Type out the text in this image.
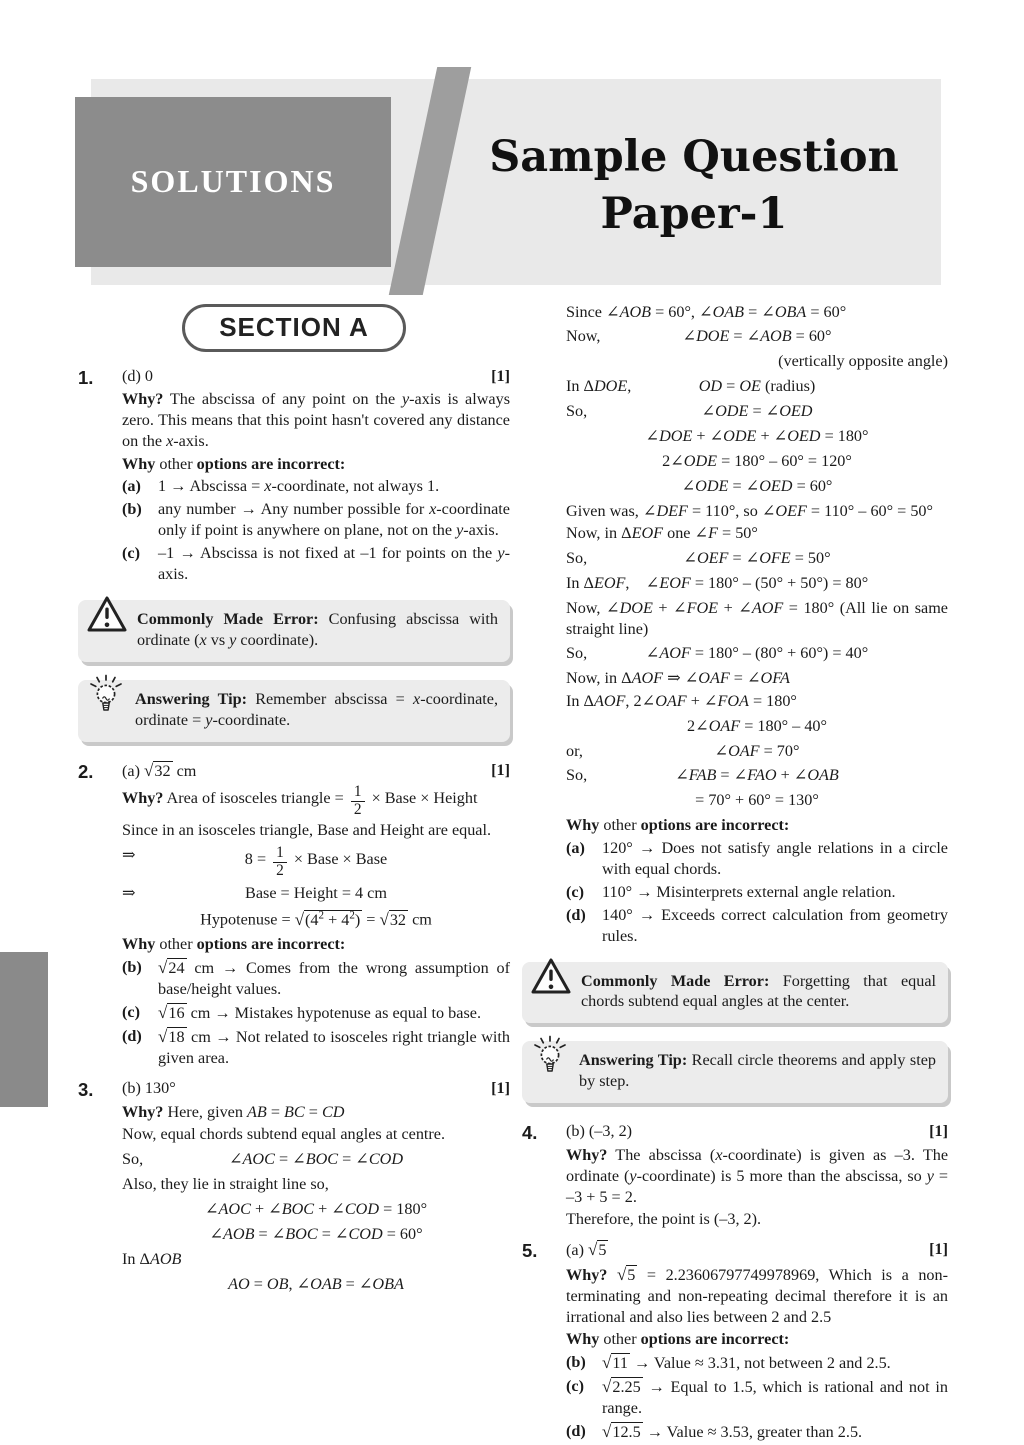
SOLUTIONS	Sample Question
Paper-1
SECTION A
1. (d) 0	[1]
Why? The abscissa of any point on the y-axis is always zero. This means that this point hasn't covered any distance on the x-axis.
Why other options are incorrect:
(a)	1 → Abscissa = x-coordinate, not always 1.
(b)	any number → Any number possible for x-coordinate only if point is anywhere on plane, not on the y-axis.
(c)	–1 → Abscissa is not fixed at –1 for points on the y-axis.
Commonly Made Error: Confusing abscissa with ordinate (x vs y coordinate).
Answering Tip: Remember abscissa = x-coordinate, ordinate = y-coordinate.
2. (a) √32 cm	[1]
Why? Area of isosceles triangle = $\frac{1}{2}$ × Base × Height
Since in an isosceles triangle, Base and Height are equal.
⇒	$8 = \frac{1}{2}$ × Base × Base
⇒	Base = Height = 4 cm
Hypotenuse = $√(4^2 + 4^2) = √32$ cm
Why other options are incorrect:
(b) √24 cm → Comes from the wrong assumption of base/height values.
(c)	√16 cm → Mistakes hypotenuse as equal to base.
(d) √18 cm → Not related to isosceles right triangle with given area.
3. (b) 130°	[1]
Why? Here, given AB = BC = CD
Now, equal chords subtend equal angles at centre.
So,	∠AOC = ∠BOC = ∠COD
Also, they lie in straight line so,
∠AOC + ∠BOC + ∠COD = 180°
∠AOB = ∠BOC = ∠COD = 60°
In ΔAOB
AO = OB, ∠OAB = ∠OBA
Since ∠AOB = 60°, ∠OAB = ∠OBA = 60°
Now,	∠DOE = ∠AOB = 60°
(vertically opposite angle)
In ΔDOE,	OD = OE (radius)
So,	∠ODE = ∠OED
∠DOE + ∠ODE + ∠OED = 180°
2∠ODE = 180° – 60° = 120°
∠ODE = ∠OED = 60°
Given was, ∠DEF = 110°, so ∠OEF = 110° – 60° = 50°
Now, in ΔEOF one ∠F = 50°
So,	∠OEF = ∠OFE = 50°
In ΔEOF, ∠EOF = 180° – (50° + 50°) = 80°
Now, ∠DOE + ∠FOE + ∠AOF = 180° (All lie on same straight line)
So,	∠AOF = 180° – (80° + 60°) = 40°
Now, in ΔAOF ⇒ ∠OAF = ∠OFA
In ΔAOF, 2∠OAF + ∠FOA = 180°
2∠OAF = 180° – 40°
or,	∠OAF = 70°
So,	∠FAB = ∠FAO + ∠OAB
= 70° + 60° = 130°
Why other options are incorrect:
(a)	120° → Does not satisfy angle relations in a circle with equal chords.
(c)	110° → Misinterprets external angle relation.
(d)	140° → Exceeds correct calculation from geometry rules.
Commonly Made Error: Forgetting that equal chords subtend equal angles at the center.
Answering Tip: Recall circle theorems and apply step by step.
4. (b) (–3, 2)	[1]
Why? The abscissa (x-coordinate) is given as –3. The ordinate (y-coordinate) is 5 more than the abscissa, so y = –3 + 5 = 2.
Therefore, the point is (–3, 2).
5. (a) √5	[1]
Why? √5 = 2.23606797749978969, Which is a non-terminating and non-repeating decimal therefore it is an irrational and also lies between 2 and 2.5
Why other options are incorrect:
(b) √11 → Value ≈ 3.31, not between 2 and 2.5.
(c)	√2.25 → Equal to 1.5, which is rational and not in range.
(d) √12.5 → Value ≈ 3.53, greater than 2.5.
